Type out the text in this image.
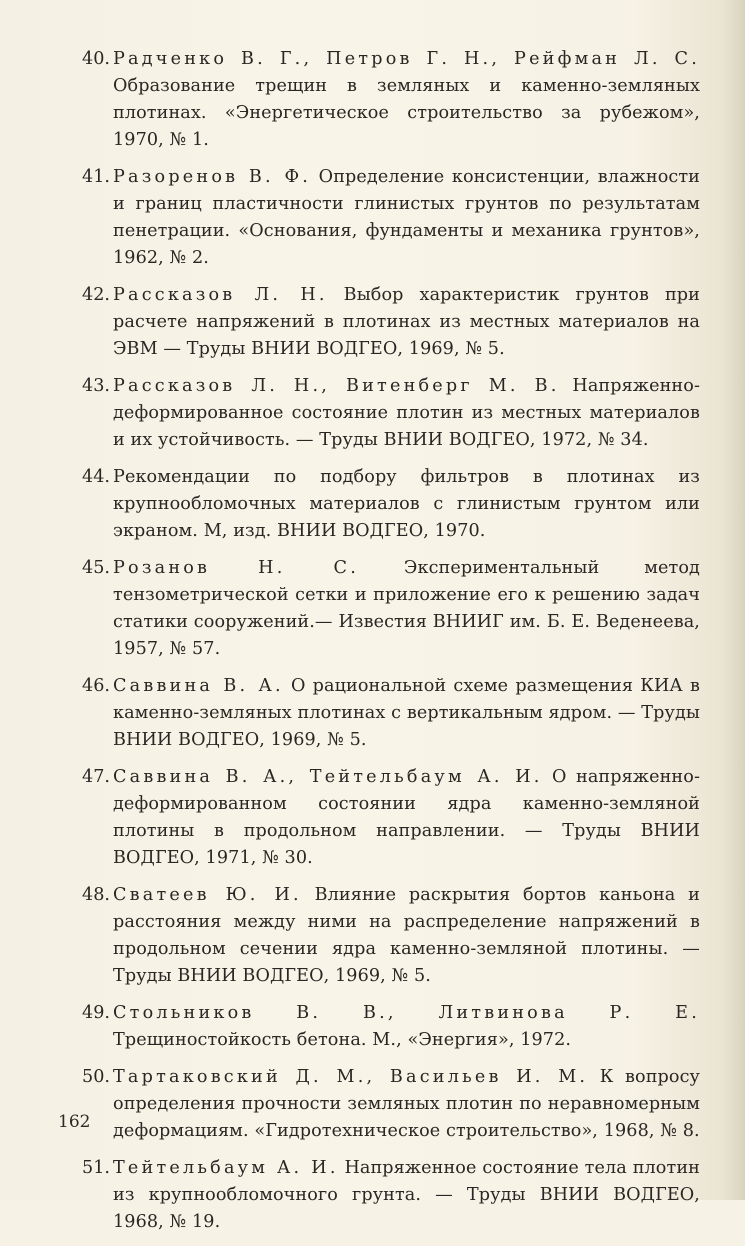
40. Радченко В. Г., Петров Г. Н., Рейфман Л. С. Образование трещин в земляных и каменно-земляных плотинах. «Энергетическое строительство за рубежом», 1970, № 1.
41. Разоренов В. Ф. Определение консистенции, влажности и границ пластичности глинистых грунтов по результатам пенетрации. «Основания, фундаменты и механика грунтов», 1962, № 2.
42. Рассказов Л. Н. Выбор характеристик грунтов при расчете напряжений в плотинах из местных материалов на ЭВМ — Труды ВНИИ ВОДГЕО, 1969, № 5.
43. Рассказов Л. Н., Витенберг М. В. Напряженно-деформированное состояние плотин из местных материалов и их устойчивость. — Труды ВНИИ ВОДГЕО, 1972, № 34.
44. Рекомендации по подбору фильтров в плотинах из крупнообломочных материалов с глинистым грунтом или экраном. М, изд. ВНИИ ВОДГЕО, 1970.
45. Розанов Н. С. Экспериментальный метод тензометрической сетки и приложение его к решению задач статики сооружений.— Известия ВНИИГ им. Б. Е. Веденеева, 1957, № 57.
46. Саввина В. А. О рациональной схеме размещения КИА в каменно-земляных плотинах с вертикальным ядром. — Труды ВНИИ ВОДГЕО, 1969, № 5.
47. Саввина В. А., Тейтельбаум А. И. О напряженно-деформированном состоянии ядра каменно-земляной плотины в продольном направлении. — Труды ВНИИ ВОДГЕО, 1971, № 30.
48. Сватеев Ю. И. Влияние раскрытия бортов каньона и расстояния между ними на распределение напряжений в продольном сечении ядра каменно-земляной плотины. — Труды ВНИИ ВОДГЕО, 1969, № 5.
49. Стольников В. В., Литвинова Р. Е. Трещиностойкость бетона. М., «Энергия», 1972.
50. Тартаковский Д. М., Васильев И. М. К вопросу определения прочности земляных плотин по неравномерным деформациям. «Гидротехническое строительство», 1968, № 8.
51. Тейтельбаум А. И. Напряженное состояние тела плотин из крупнообломочного грунта. — Труды ВНИИ ВОДГЕО, 1968, № 19.
162
